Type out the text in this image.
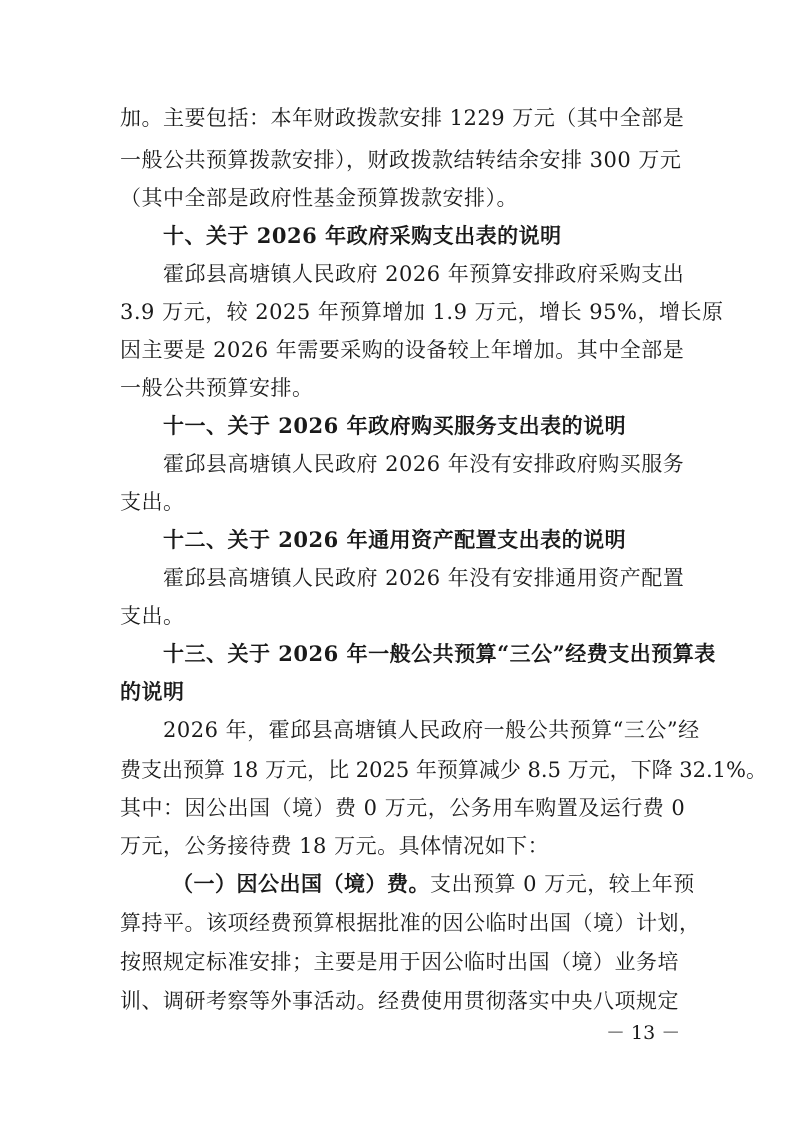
加。主要包括：本年财政拨款安排 1229 万元（其中全部是
一般公共预算拨款安排），财政拨款结转结余安排 300 万元
（其中全部是政府性基金预算拨款安排）。
十、关于 2026 年政府采购支出表的说明
霍邱县高塘镇人民政府 2026 年预算安排政府采购支出
3.9 万元，较 2025 年预算增加 1.9 万元，增长 95%，增长原
因主要是 2026 年需要采购的设备较上年增加。其中全部是
一般公共预算安排。
十一、关于 2026 年政府购买服务支出表的说明
霍邱县高塘镇人民政府 2026 年没有安排政府购买服务
支出。
十二、关于 2026 年通用资产配置支出表的说明
霍邱县高塘镇人民政府 2026 年没有安排通用资产配置
支出。
十三、关于 2026 年一般公共预算“三公”经费支出预算表
的说明
2026 年，霍邱县高塘镇人民政府一般公共预算“三公”经
费支出预算 18 万元，比 2025 年预算减少 8.5 万元，下降 32.1%。
其中：因公出国（境）费 0 万元，公务用车购置及运行费 0
万元，公务接待费 18 万元。具体情况如下：
（一）因公出国（境）费。支出预算 0 万元，较上年预
算持平。该项经费预算根据批准的因公临时出国（境）计划，
按照规定标准安排；主要是用于因公临时出国（境）业务培
训、调研考察等外事活动。经费使用贯彻落实中央八项规定
－ 13 －
